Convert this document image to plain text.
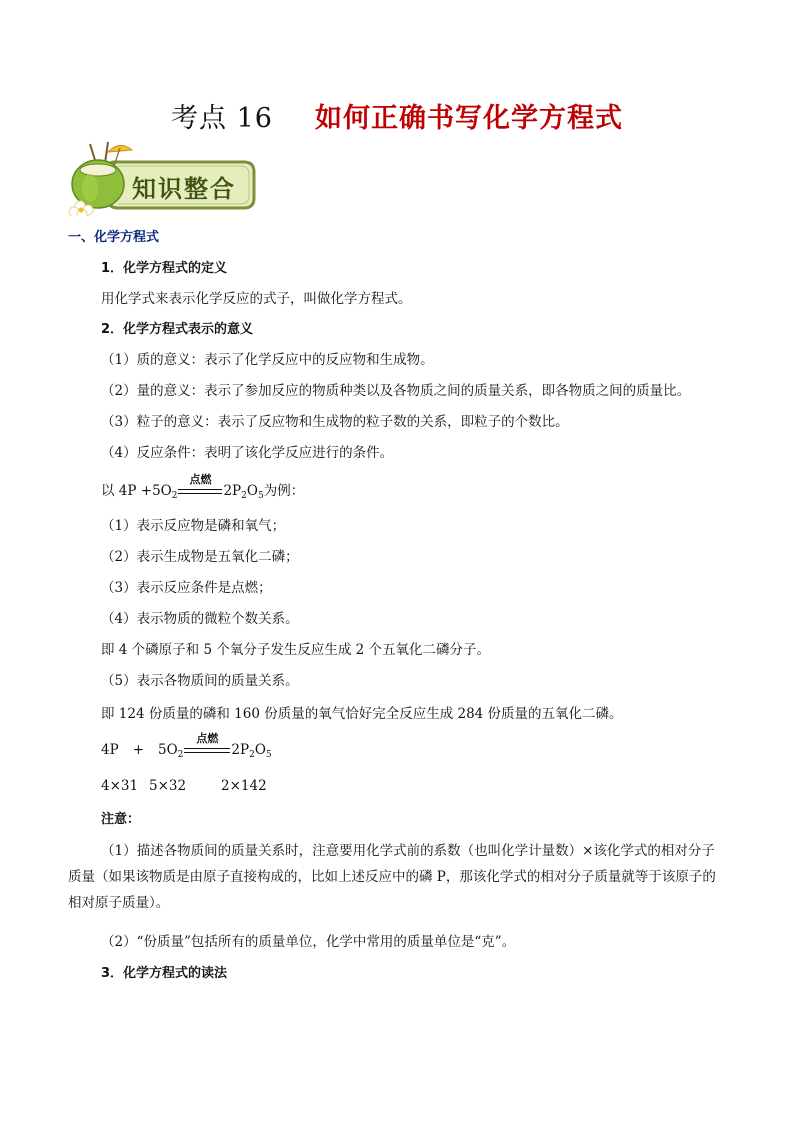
考点 16 如何正确书写化学方程式
知识整合
一、化学方程式
1．化学方程式的定义
用化学式来表示化学反应的式子，叫做化学方程式。
2．化学方程式表示的意义
（1）质的意义：表示了化学反应中的反应物和生成物。
（2）量的意义：表示了参加反应的物质种类以及各物质之间的质量关系，即各物质之间的质量比。
（3）粒子的意义：表示了反应物和生成物的粒子数的关系，即粒子的个数比。
（4）反应条件：表明了该化学反应进行的条件。
以 $4P +5O_2$
点燃
$2P_2O_5$为例：
（1）表示反应物是磷和氧气；
（2）表示生成物是五氧化二磷；
（3）表示反应条件是点燃；
（4）表示物质的微粒个数关系。
即 4 个磷原子和 5 个氧分子发生反应生成 2 个五氧化二磷分子。
（5）表示各物质间的质量关系。
即 124 份质量的磷和 160 份质量的氧气恰好完全反应生成 284 份质量的五氧化二磷。
$4P + 5O_2$
点燃
$2P_2O_5$
4×31 5×32	2×142
注意：
（1）描述各物质间的质量关系时，注意要用化学式前的系数（也叫化学计量数）×该化学式的相对分子质量（如果该物质是由原子直接构成的，比如上述反应中的磷 P，那该化学式的相对分子质量就等于该原子的相对原子质量）。
（2）“份质量”包括所有的质量单位，化学中常用的质量单位是“克”。
3．化学方程式的读法
